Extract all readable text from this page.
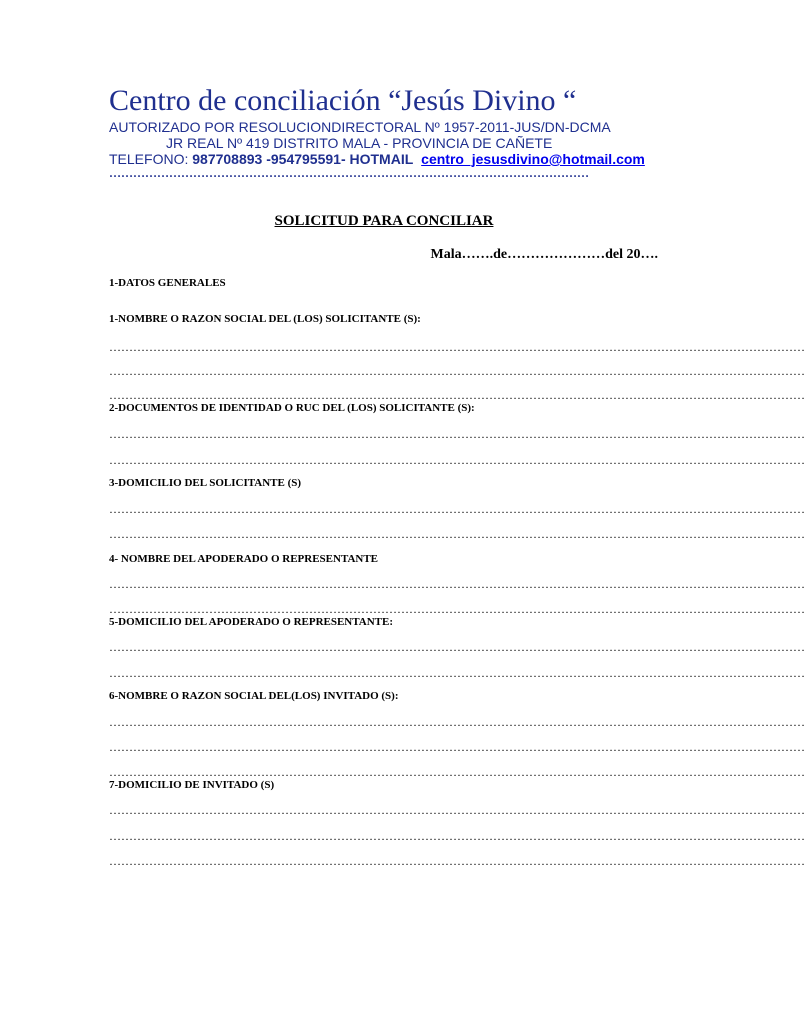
Centro de conciliación “Jesús Divino “
AUTORIZADO POR RESOLUCIONDIRECTORAL Nº 1957-2011-JUS/DN-DCMA
JR REAL Nº 419 DISTRITO MALA - PROVINCIA DE CAÑETE
TELEFONO: 987708893 -954795591- HOTMAIL centro_jesusdivino@hotmail.com
…………………………………………………………………………………………………………
SOLICITUD PARA CONCILIAR
Mala…….de…………………del 20….
1-DATOS GENERALES
1-NOMBRE O RAZON SOCIAL DEL (LOS) SOLICITANTE (S):
…………………………………………………………………………………………………………………………………………………………
…………………………………………………………………………………………………………………………………………………………
…………………………………………………………………………………………………………………………………………………………
2-DOCUMENTOS DE IDENTIDAD O RUC DEL (LOS) SOLICITANTE (S):
…………………………………………………………………………………………………………………………………………………………
…………………………………………………………………………………………………………………………………………………………
3-DOMICILIO DEL SOLICITANTE (S)
…………………………………………………………………………………………………………………………………………………………
…………………………………………………………………………………………………………………………………………………………
4- NOMBRE DEL APODERADO O REPRESENTANTE
…………………………………………………………………………………………………………………………………………………………
…………………………………………………………………………………………………………………………………………………………
5-DOMICILIO DEL APODERADO O REPRESENTANTE:
…………………………………………………………………………………………………………………………………………………………
…………………………………………………………………………………………………………………………………………………………
6-NOMBRE O RAZON SOCIAL DEL(LOS) INVITADO (S):
…………………………………………………………………………………………………………………………………………………………
…………………………………………………………………………………………………………………………………………………………
…………………………………………………………………………………………………………………………………………………………
7-DOMICILIO DE INVITADO (S)
…………………………………………………………………………………………………………………………………………………………
…………………………………………………………………………………………………………………………………………………………
…………………………………………………………………………………………………………………………………………………………
